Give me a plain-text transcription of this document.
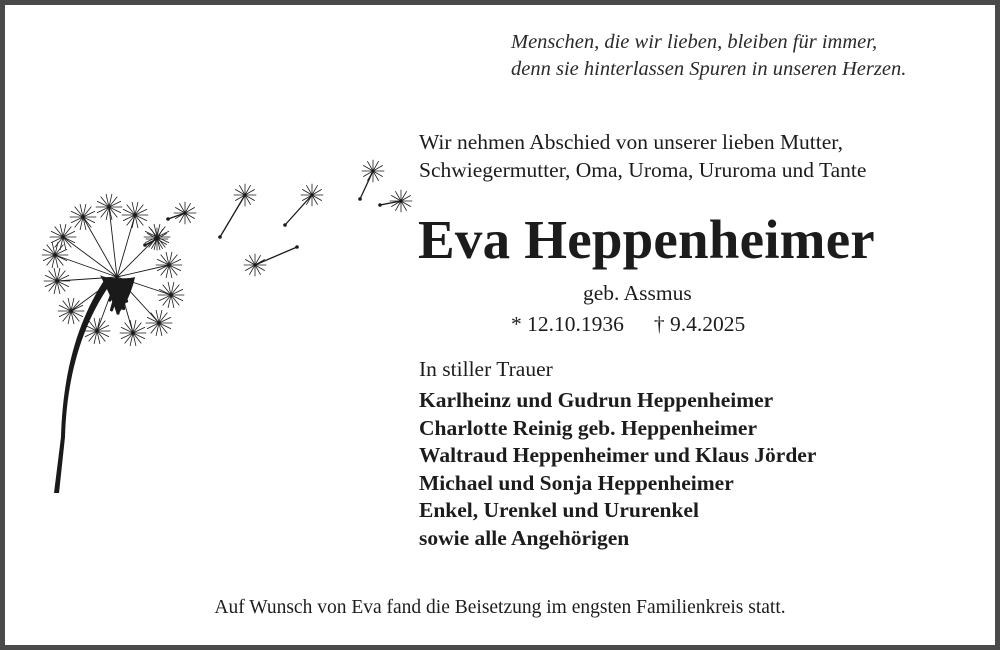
Menschen, die wir lieben, bleiben für immer,
denn sie hinterlassen Spuren in unseren Herzen.
Wir nehmen Abschied von unserer lieben Mutter,
Schwiegermutter, Oma, Uroma, Ururoma und Tante
Eva Heppenheimer
geb. Assmus
* 12.10.1936 † 9.4.2025
In stiller Trauer
Karlheinz und Gudrun Heppenheimer
Charlotte Reinig geb. Heppenheimer
Waltraud Heppenheimer und Klaus Jörder
Michael und Sonja Heppenheimer
Enkel, Urenkel und Ururenkel
sowie alle Angehörigen
Auf Wunsch von Eva fand die Beisetzung im engsten Familienkreis statt.
